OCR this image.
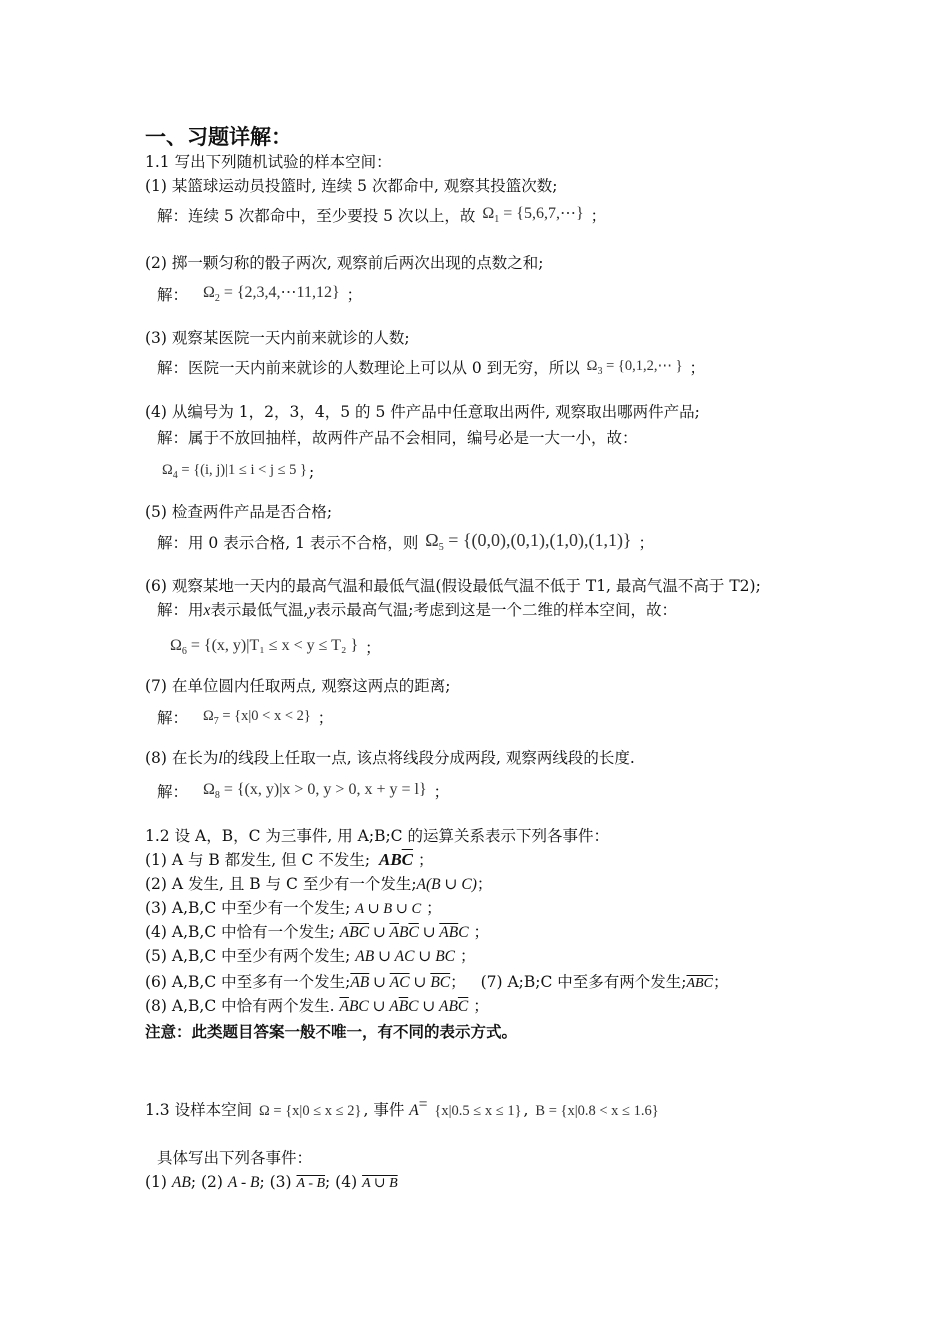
一、习题详解：
1.1 写出下列随机试验的样本空间：
(1) 某篮球运动员投篮时, 连续 5 次都命中, 观察其投篮次数;
解：连续 5 次都命中，至少要投 5 次以上，故 $\Omega_1$ = {5,6,7,⋯} ；
(2) 掷一颗匀称的骰子两次, 观察前后两次出现的点数之和;
解： $\Omega_2$ = {2,3,4,⋯11,12} ；
(3) 观察某医院一天内前来就诊的人数;
解：医院一天内前来就诊的人数理论上可以从 0 到无穷，所以 $\Omega_3$ = {0,1,2,⋯ } ；
(4) 从编号为 1，2，3，4，5 的 5 件产品中任意取出两件, 观察取出哪两件产品;
解：属于不放回抽样，故两件产品不会相同，编号必是一大一小，故：
$\Omega_4 = \{(i$, j)|1 ≤ i < j ≤ 5 } ;
(5) 检查两件产品是否合格;
解：用 0 表示合格, 1 表示不合格，则 $\Omega_5 = \{(0,0),(0,1),(1,0),(1,1)\}$ ；
(6) 观察某地一天内的最高气温和最低气温(假设最低气温不低于 T1, 最高气温不高于 T2);
解：用x表示最低气温,y表示最高气温;考虑到这是一个二维的样本空间，故：
$\Omega_6 = \{(x$, y)|T₁ ≤ x < y ≤ T₂ } ；
(7) 在单位圆内任取两点, 观察这两点的距离;
解： $\Omega_7 = \{x|0 < x < 2\}$ ；
(8) 在长为l的线段上任取一点, 该点将线段分成两段, 观察两线段的长度.
解： $\Omega_8 = \{(x$, y)|x > 0, y > 0, x + y = l} ；
1.2 设 A，B，C 为三事件, 用 A;B;C 的运算关系表示下列各事件：
(1) A 与 B 都发生, 但 C 不发生; $AB\overline{C}$ ；
(2) A 发生, 且 B 与 C 至少有一个发生;A(B ∪ C)；
(3) A,B,C 中至少有一个发生; A ∪ B ∪ C ；
(4) A,B,C 中恰有一个发生; $A\overline{BC}$ ∪ $\overline{A}B\overline{C}$ ∪ $\overline{AB}C$ ；
(5) A,B,C 中至少有两个发生; AB ∪ AC ∪ BC ；
(6) A,B,C 中至多有一个发生$;\overline{AB}$ ∪ $\overline{AC}$ ∪ $\overline{BC}$； (7) A;B;C 中至多有两个发生$;\overline{ABC}$；
(8) A,B,C 中恰有两个发生. $\overline{A}BC$ ∪ $A\overline{B}C$ ∪ $AB\overline{C}$ ；
注意：此类题目答案一般不唯一，有不同的表示方式。
1.3 设样本空间 Ω = {x|0 ≤ x ≤ 2} , 事件 A= {x|0.5 ≤ x ≤ 1} , B = {x|0.8 < x ≤ 1.6}
具体写出下列各事件：
(1) AB; (2) A - B; (3) A - B; (4) A ∪ B
